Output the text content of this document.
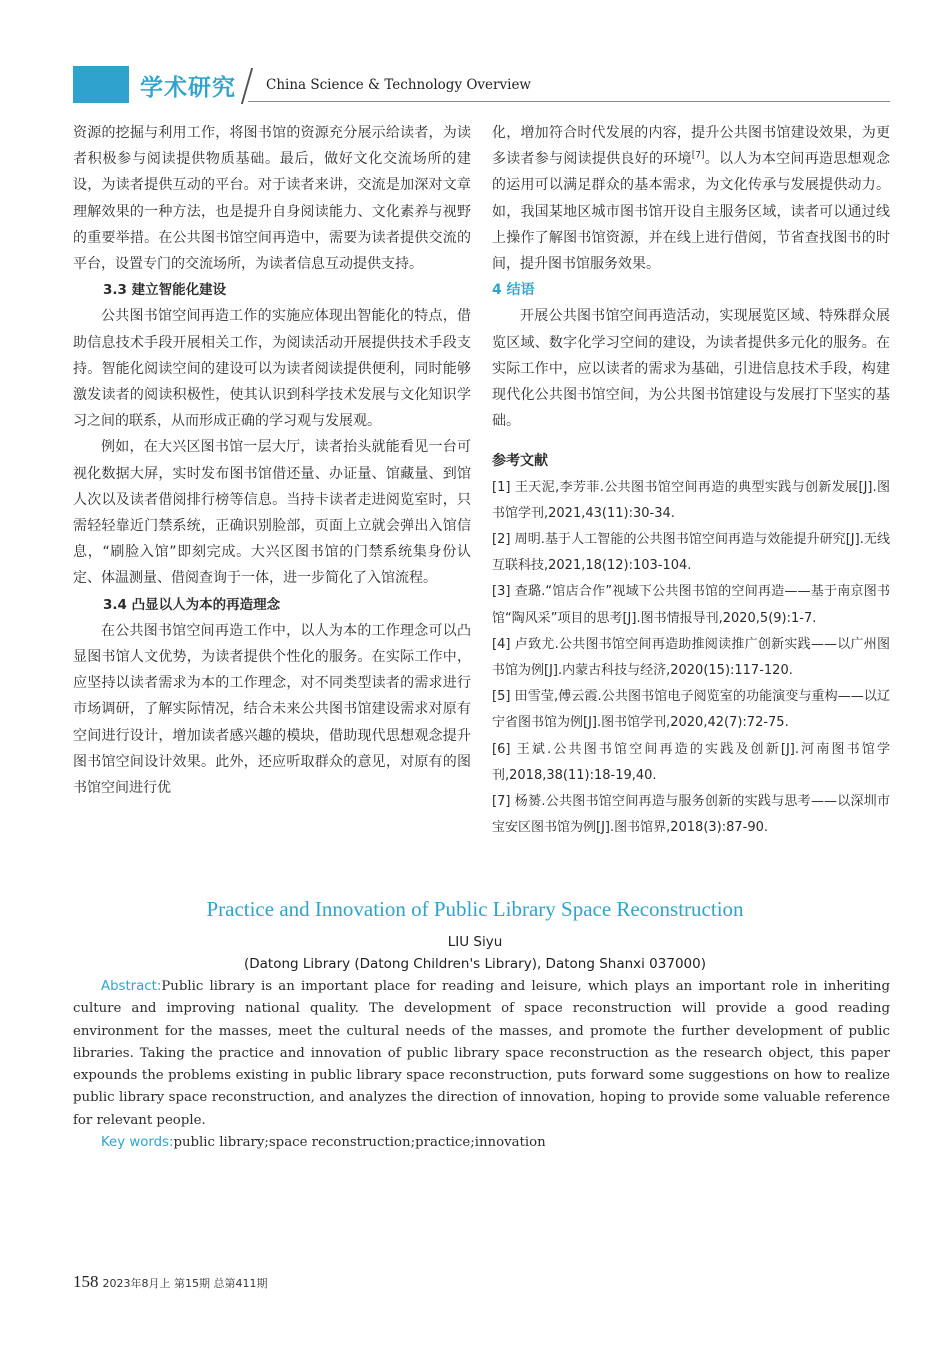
学术研究 China Science & Technology Overview

资源的挖掘与利用工作，将图书馆的资源充分展示给读者，为读者积极参与阅读提供物质基础。最后，做好文化交流场所的建设，为读者提供互动的平台。对于读者来讲，交流是加深对文章理解效果的一种方法，也是提升自身阅读能力、文化素养与视野的重要举措。在公共图书馆空间再造中，需要为读者提供交流的平台，设置专门的交流场所，为读者信息互动提供支持。

3.3 建立智能化建设

公共图书馆空间再造工作的实施应体现出智能化的特点，借助信息技术手段开展相关工作，为阅读活动开展提供技术手段支持。智能化阅读空间的建设可以为读者阅读提供便利，同时能够激发读者的阅读积极性，使其认识到科学技术发展与文化知识学习之间的联系，从而形成正确的学习观与发展观。

例如，在大兴区图书馆一层大厅，读者抬头就能看见一台可视化数据大屏，实时发布图书馆借还量、办证量、馆藏量、到馆人次以及读者借阅排行榜等信息。当持卡读者走进阅览室时，只需轻轻靠近门禁系统，正确识别脸部，页面上立就会弹出入馆信息，“刷脸入馆”即刻完成。大兴区图书馆的门禁系统集身份认定、体温测量、借阅查询于一体，进一步简化了入馆流程。

3.4 凸显以人为本的再造理念

在公共图书馆空间再造工作中，以人为本的工作理念可以凸显图书馆人文优势，为读者提供个性化的服务。在实际工作中，应坚持以读者需求为本的工作理念，对不同类型读者的需求进行市场调研，了解实际情况，结合未来公共图书馆建设需求对原有空间进行设计，增加读者感兴趣的模块，借助现代思想观念提升图书馆空间设计效果。此外，还应听取群众的意见，对原有的图书馆空间进行优

化，增加符合时代发展的内容，提升公共图书馆建设效果，为更多读者参与阅读提供良好的环境[7]。以人为本空间再造思想观念的运用可以满足群众的基本需求，为文化传承与发展提供动力。如，我国某地区城市图书馆开设自主服务区域，读者可以通过线上操作了解图书馆资源，并在线上进行借阅，节省查找图书的时间，提升图书馆服务效果。

4 结语

开展公共图书馆空间再造活动，实现展览区域、特殊群众展览区域、数字化学习空间的建设，为读者提供多元化的服务。在实际工作中，应以读者的需求为基础，引进信息技术手段，构建现代化公共图书馆空间，为公共图书馆建设与发展打下坚实的基础。

参考文献

[1] 王天泥,李芳菲.公共图书馆空间再造的典型实践与创新发展[J].图书馆学刊,2021,43(11):30-34.

[2] 周明.基于人工智能的公共图书馆空间再造与效能提升研究[J].无线互联科技,2021,18(12):103-104.

[3] 查璐.“馆店合作”视域下公共图书馆的空间再造——基于南京图书馆“陶风采”项目的思考[J].图书情报导刊,2020,5(9):1-7.

[4] 卢致尤.公共图书馆空间再造助推阅读推广创新实践——以广州图书馆为例[J].内蒙古科技与经济,2020(15):117-120.

[5] 田雪莹,傅云霞.公共图书馆电子阅览室的功能演变与重构——以辽宁省图书馆为例[J].图书馆学刊,2020,42(7):72-75.

[6] 王斌.公共图书馆空间再造的实践及创新[J].河南图书馆学刊,2018,38(11):18-19,40.

[7] 杨赟.公共图书馆空间再造与服务创新的实践与思考——以深圳市宝安区图书馆为例[J].图书馆界,2018(3):87-90.

Practice and Innovation of Public Library Space Reconstruction
LIU Siyu
(Datong Library (Datong Children's Library), Datong Shanxi 037000)

Abstract:Public library is an important place for reading and leisure, which plays an important role in inheriting culture and improving national quality. The development of space reconstruction will provide a good reading environment for the masses, meet the cultural needs of the masses, and promote the further development of public libraries. Taking the practice and innovation of public library space reconstruction as the research object, this paper expounds the problems existing in public library space reconstruction, puts forward some suggestions on how to realize public library space reconstruction, and analyzes the direction of innovation, hoping to provide some valuable reference for relevant people.

Key words:public library;space reconstruction;practice;innovation

158 2023年8月上 第15期 总第411期
